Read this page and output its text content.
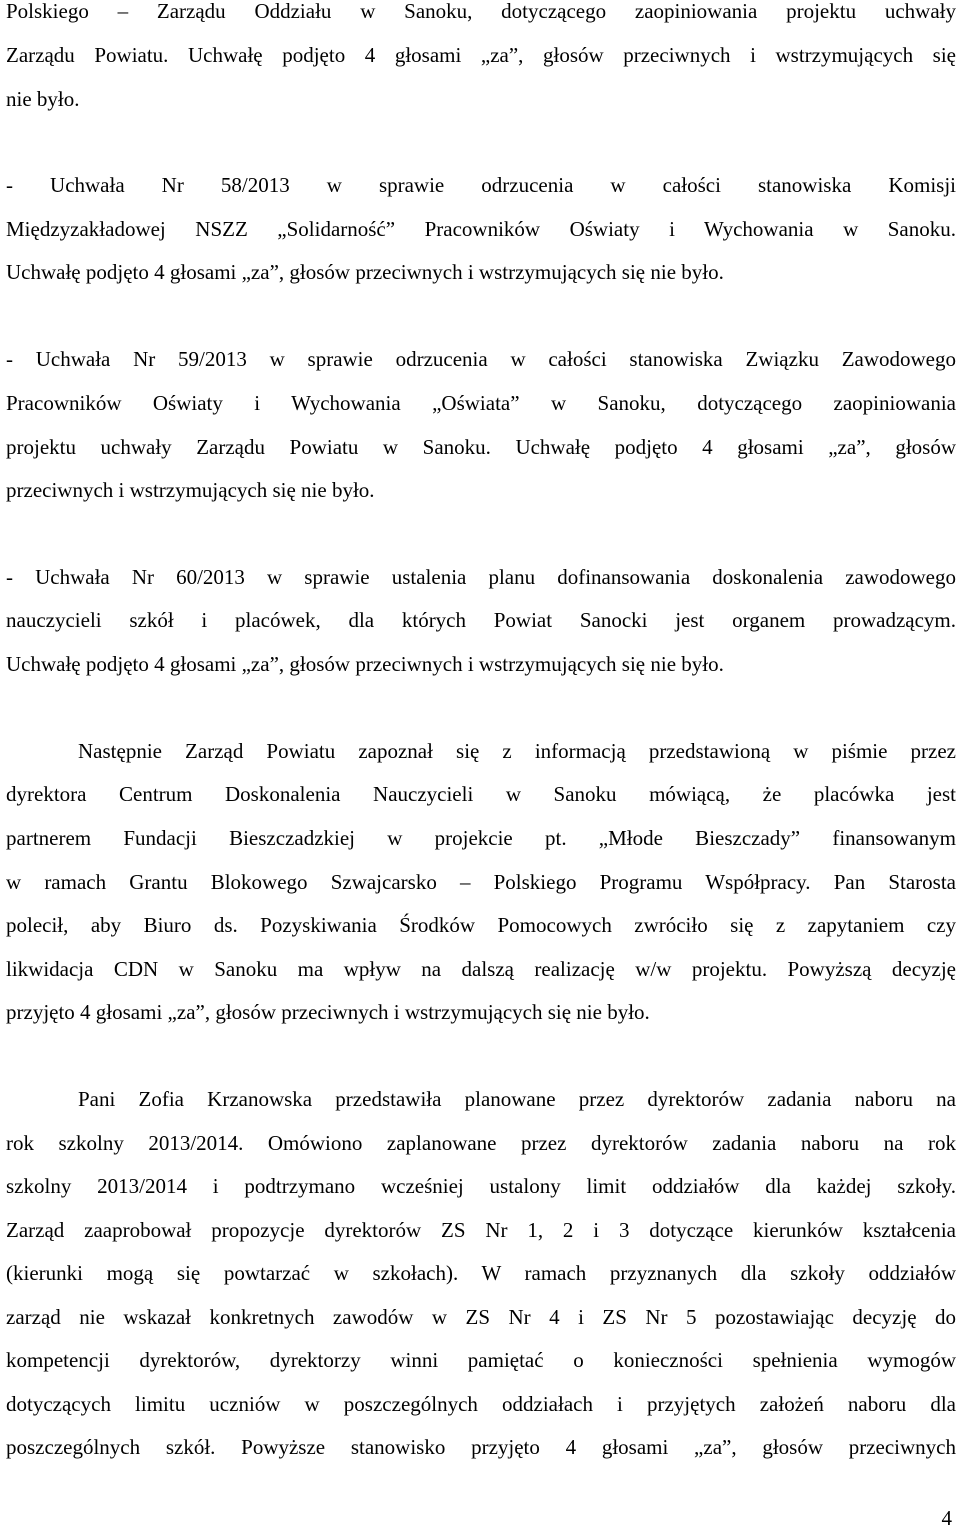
Polskiego – Zarządu Oddziału w Sanoku, dotyczącego zaopiniowania projektu uchwały
Zarządu Powiatu. Uchwałę podjęto 4 głosami „za”, głosów przeciwnych i wstrzymujących się
nie było.
- Uchwała Nr 58/2013 w sprawie odrzucenia w całości stanowiska Komisji
Międzyzakładowej NSZZ „Solidarność” Pracowników Oświaty i Wychowania w Sanoku.
Uchwałę podjęto 4 głosami „za”, głosów przeciwnych i wstrzymujących się nie było.
- Uchwała Nr 59/2013 w sprawie odrzucenia w całości stanowiska Związku Zawodowego
Pracowników Oświaty i Wychowania „Oświata” w Sanoku, dotyczącego zaopiniowania
projektu uchwały Zarządu Powiatu w Sanoku. Uchwałę podjęto 4 głosami „za”, głosów
przeciwnych i wstrzymujących się nie było.
- Uchwała Nr 60/2013 w sprawie ustalenia planu dofinansowania doskonalenia zawodowego
nauczycieli szkół i placówek, dla których Powiat Sanocki jest organem prowadzącym.
Uchwałę podjęto 4 głosami „za”, głosów przeciwnych i wstrzymujących się nie było.
Następnie Zarząd Powiatu zapoznał się z informacją przedstawioną w piśmie przez
dyrektora Centrum Doskonalenia Nauczycieli w Sanoku mówiącą, że placówka jest
partnerem Fundacji Bieszczadzkiej w projekcie pt. „Młode Bieszczady” finansowanym
w ramach Grantu Blokowego Szwajcarsko – Polskiego Programu Współpracy. Pan Starosta
polecił, aby Biuro ds. Pozyskiwania Środków Pomocowych zwróciło się z zapytaniem czy
likwidacja CDN w Sanoku ma wpływ na dalszą realizację w/w projektu. Powyższą decyzję
przyjęto 4 głosami „za”, głosów przeciwnych i wstrzymujących się nie było.
Pani Zofia Krzanowska przedstawiła planowane przez dyrektorów zadania naboru na
rok szkolny 2013/2014. Omówiono zaplanowane przez dyrektorów zadania naboru na rok
szkolny 2013/2014 i podtrzymano wcześniej ustalony limit oddziałów dla każdej szkoły.
Zarząd zaaprobował propozycje dyrektorów ZS Nr 1, 2 i 3 dotyczące kierunków kształcenia
(kierunki mogą się powtarzać w szkołach). W ramach przyznanych dla szkoły oddziałów
zarząd nie wskazał konkretnych zawodów w ZS Nr 4 i ZS Nr 5 pozostawiając decyzję do
kompetencji dyrektorów, dyrektorzy winni pamiętać o konieczności spełnienia wymogów
dotyczących limitu uczniów w poszczególnych oddziałach i przyjętych założeń naboru dla
poszczególnych szkół. Powyższe stanowisko przyjęto 4 głosami „za”, głosów przeciwnych
4
